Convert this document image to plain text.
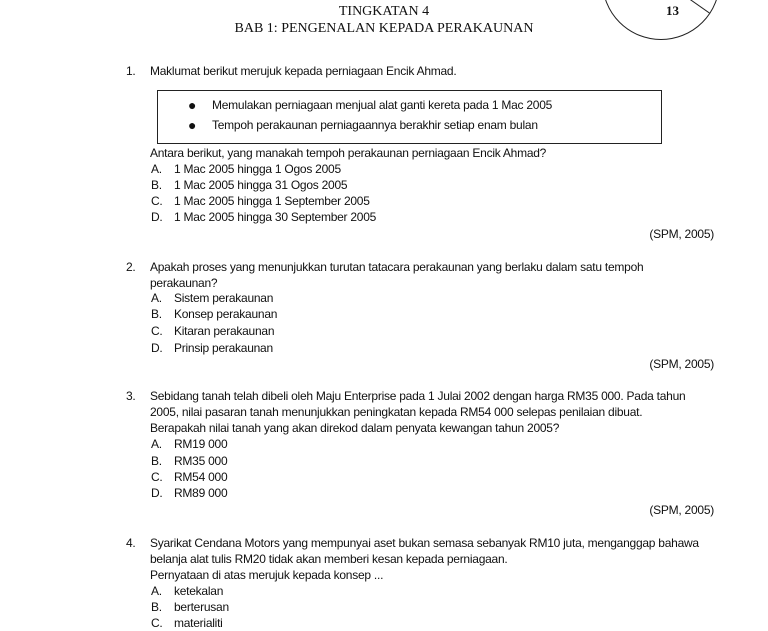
TINGKATAN 4
BAB 1: PENGENALAN KEPADA PERAKAUNAN
13
1.	Maklumat berikut merujuk kepada perniagaan Encik Ahmad.
● Memulakan perniagaan menjual alat ganti kereta pada 1 Mac 2005
● Tempoh perakaunan perniagaannya berakhir setiap enam bulan
Antara berikut, yang manakah tempoh perakaunan perniagaan Encik Ahmad?
A. 1 Mac 2005 hingga 1 Ogos 2005
B. 1 Mac 2005 hingga 31 Ogos 2005
C. 1 Mac 2005 hingga 1 September 2005
D. 1 Mac 2005 hingga 30 September 2005
(SPM, 2005)
2.	Apakah proses yang menunjukkan turutan tatacara perakaunan yang berlaku dalam satu tempoh
perakaunan?
A. Sistem perakaunan
B. Konsep perakaunan
C. Kitaran perakaunan
D. Prinsip perakaunan
(SPM, 2005)
3.	Sebidang tanah telah dibeli oleh Maju Enterprise pada 1 Julai 2002 dengan harga RM35 000. Pada tahun
2005, nilai pasaran tanah menunjukkan peningkatan kepada RM54 000 selepas penilaian dibuat.
Berapakah nilai tanah yang akan direkod dalam penyata kewangan tahun 2005?
A. RM19 000
B. RM35 000
C. RM54 000
D. RM89 000
(SPM, 2005)
4.	Syarikat Cendana Motors yang mempunyai aset bukan semasa sebanyak RM10 juta, menganggap bahawa
belanja alat tulis RM20 tidak akan memberi kesan kepada perniagaan.
Pernyataan di atas merujuk kepada konsep ...
A. ketekalan
B. berterusan
C. materialiti
